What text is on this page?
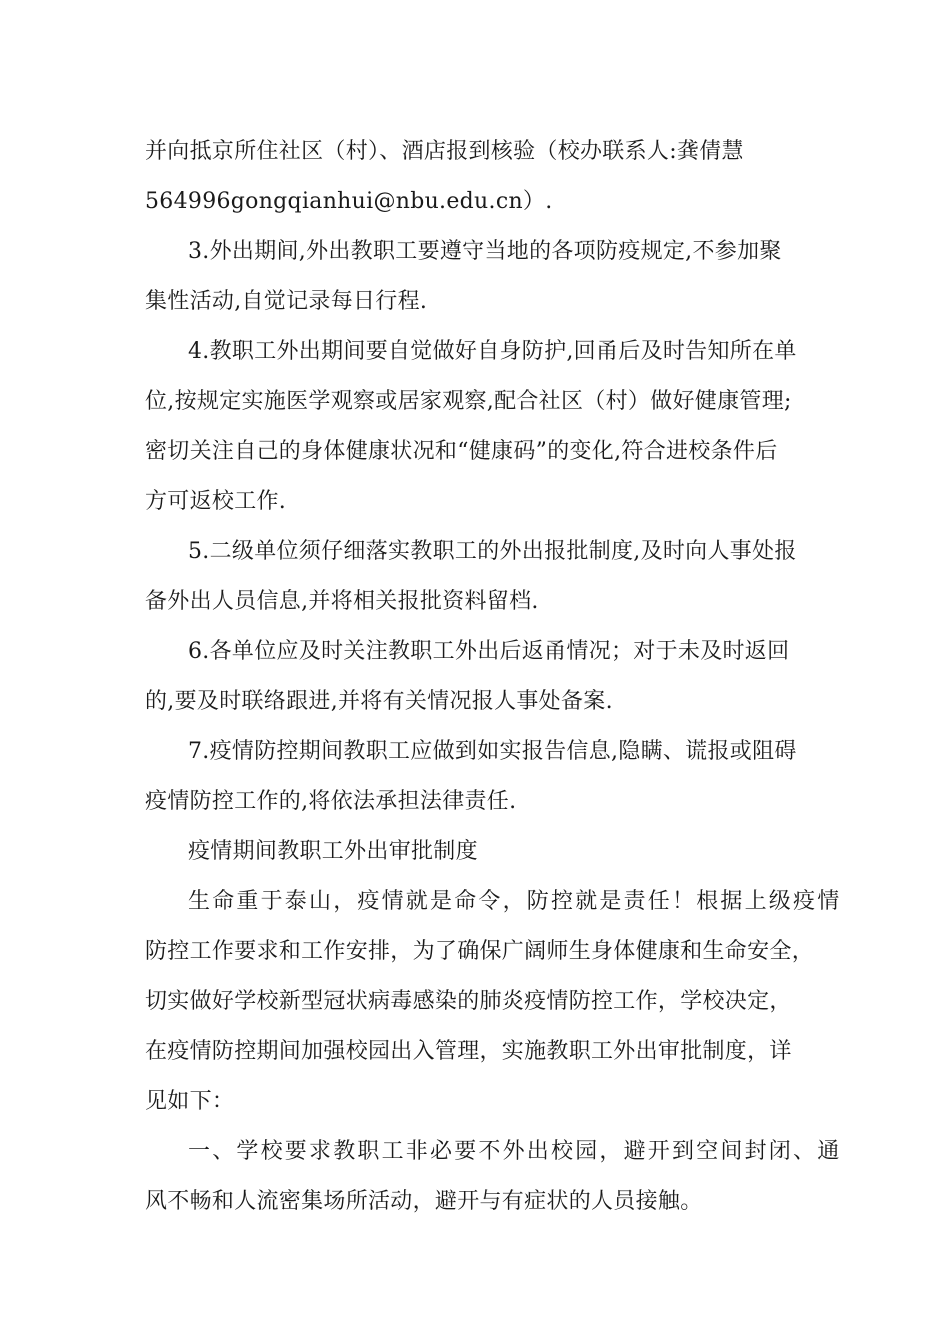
并向抵京所住社区（村）、酒店报到核验（校办联系人:龚倩慧
564996gongqianhui@nbu.edu.cn）.
3.外出期间,外出教职工要遵守当地的各项防疫规定,不参加聚
集性活动,自觉记录每日行程.
4.教职工外出期间要自觉做好自身防护,回甬后及时告知所在单
位,按规定实施医学观察或居家观察,配合社区（村）做好健康管理;
密切关注自己的身体健康状况和“健康码”的变化,符合进校条件后
方可返校工作.
5.二级单位须仔细落实教职工的外出报批制度,及时向人事处报
备外出人员信息,并将相关报批资料留档.
6.各单位应及时关注教职工外出后返甬情况；对于未及时返回
的,要及时联络跟进,并将有关情况报人事处备案.
7.疫情防控期间教职工应做到如实报告信息,隐瞒、谎报或阻碍
疫情防控工作的,将依法承担法律责任.
疫情期间教职工外出审批制度
生命重于泰山，疫情就是命令，防控就是责任！根据上级疫情
防控工作要求和工作安排，为了确保广阔师生身体健康和生命安全，
切实做好学校新型冠状病毒感染的肺炎疫情防控工作，学校决定，
在疫情防控期间加强校园出入管理，实施教职工外出审批制度，详
见如下：
一、学校要求教职工非必要不外出校园，避开到空间封闭、通
风不畅和人流密集场所活动，避开与有症状的人员接触。
